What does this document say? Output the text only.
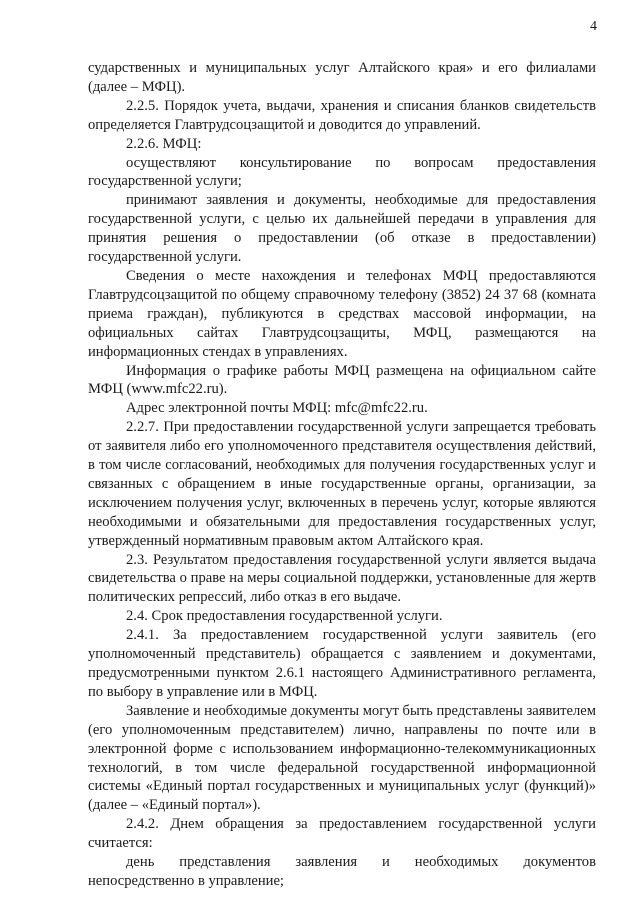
4

сударственных и муниципальных услуг Алтайского края» и его филиалами (далее – МФЦ).

2.2.5. Порядок учета, выдачи, хранения и списания бланков свидетельств определяется Главтрудсоцзащитой и доводится до управлений.

2.2.6. МФЦ:

осуществляют консультирование по вопросам предоставления государственной услуги;

принимают заявления и документы, необходимые для предоставления государственной услуги, с целью их дальнейшей передачи в управления для принятия решения о предоставлении (об отказе в предоставлении) государственной услуги.

Сведения о месте нахождения и телефонах МФЦ предоставляются Главтрудсоцзащитой по общему справочному телефону (3852) 24 37 68 (комната приема граждан), публикуются в средствах массовой информации, на официальных сайтах Главтрудсоцзащиты, МФЦ, размещаются на информационных стендах в управлениях.

Информация о графике работы МФЦ размещена на официальном сайте МФЦ (www.mfc22.ru).

Адрес электронной почты МФЦ: mfc@mfc22.ru.

2.2.7. При предоставлении государственной услуги запрещается требовать от заявителя либо его уполномоченного представителя осуществления действий, в том числе согласований, необходимых для получения государственных услуг и связанных с обращением в иные государственные органы, организации, за исключением получения услуг, включенных в перечень услуг, которые являются необходимыми и обязательными для предоставления государственных услуг, утвержденный нормативным правовым актом Алтайского края.

2.3. Результатом предоставления государственной услуги является выдача свидетельства о праве на меры социальной поддержки, установленные для жертв политических репрессий, либо отказ в его выдаче.

2.4. Срок предоставления государственной услуги.

2.4.1. За предоставлением государственной услуги заявитель (его уполномоченный представитель) обращается с заявлением и документами, предусмотренными пунктом 2.6.1 настоящего Административного регламента, по выбору в управление или в МФЦ.

Заявление и необходимые документы могут быть представлены заявителем (его уполномоченным представителем) лично, направлены по почте или в электронной форме с использованием информационно-телекоммуникационных технологий, в том числе федеральной государственной информационной системы «Единый портал государственных и муниципальных услуг (функций)» (далее – «Единый портал»).

2.4.2. Днем обращения за предоставлением государственной услуги считается:

день представления заявления и необходимых документов непосредственно в управление;
